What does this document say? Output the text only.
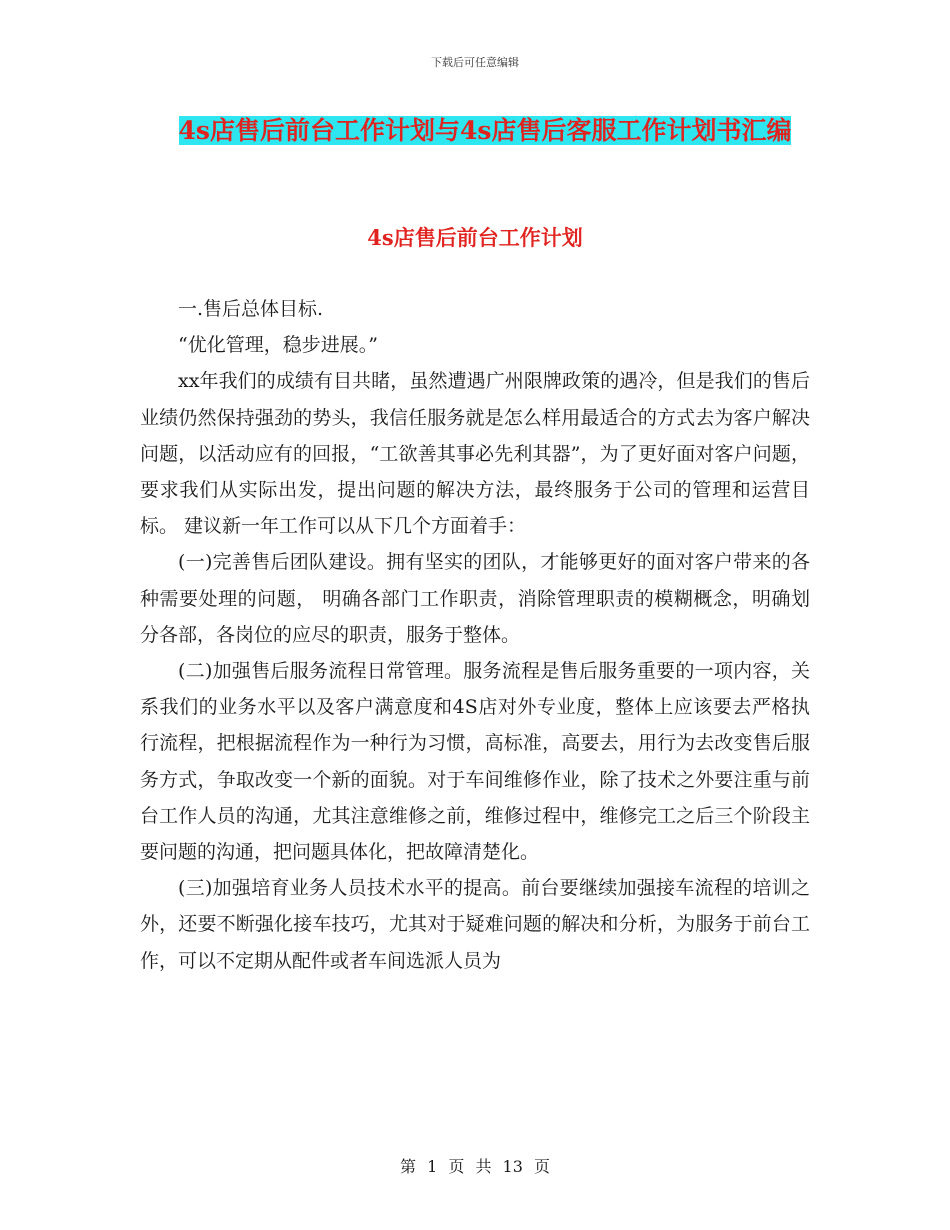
下载后可任意编辑
4s店售后前台工作计划与4s店售后客服工作计划书汇编
4s店售后前台工作计划

一.售后总体目标.

“优化管理，稳步进展。”

xx年我们的成绩有目共睹，虽然遭遇广州限牌政策的遇冷，但是我们的售后业绩仍然保持强劲的势头，我信任服务就是怎么样用最适合的方式去为客户解决问题，以活动应有的回报，“工欲善其事必先利其器”，为了更好面对客户问题，要求我们从实际出发，提出问题的解决方法，最终服务于公司的管理和运营目标。 建议新一年工作可以从下几个方面着手：

(一)完善售后团队建设。拥有坚实的团队，才能够更好的面对客户带来的各种需要处理的问题， 明确各部门工作职责，消除管理职责的模糊概念，明确划分各部，各岗位的应尽的职责，服务于整体。

(二)加强售后服务流程日常管理。服务流程是售后服务重要的一项内容，关系我们的业务水平以及客户满意度和4S店对外专业度，整体上应该要去严格执行流程，把根据流程作为一种行为习惯，高标准，高要去，用行为去改变售后服务方式，争取改变一个新的面貌。对于车间维修作业，除了技术之外要注重与前台工作人员的沟通，尤其注意维修之前，维修过程中，维修完工之后三个阶段主要问题的沟通，把问题具体化，把故障清楚化。

(三)加强培育业务人员技术水平的提高。前台要继续加强接车流程的培训之外，还要不断强化接车技巧，尤其对于疑难问题的解决和分析，为服务于前台工作，可以不定期从配件或者车间选派人员为

第 1 页 共 13 页
